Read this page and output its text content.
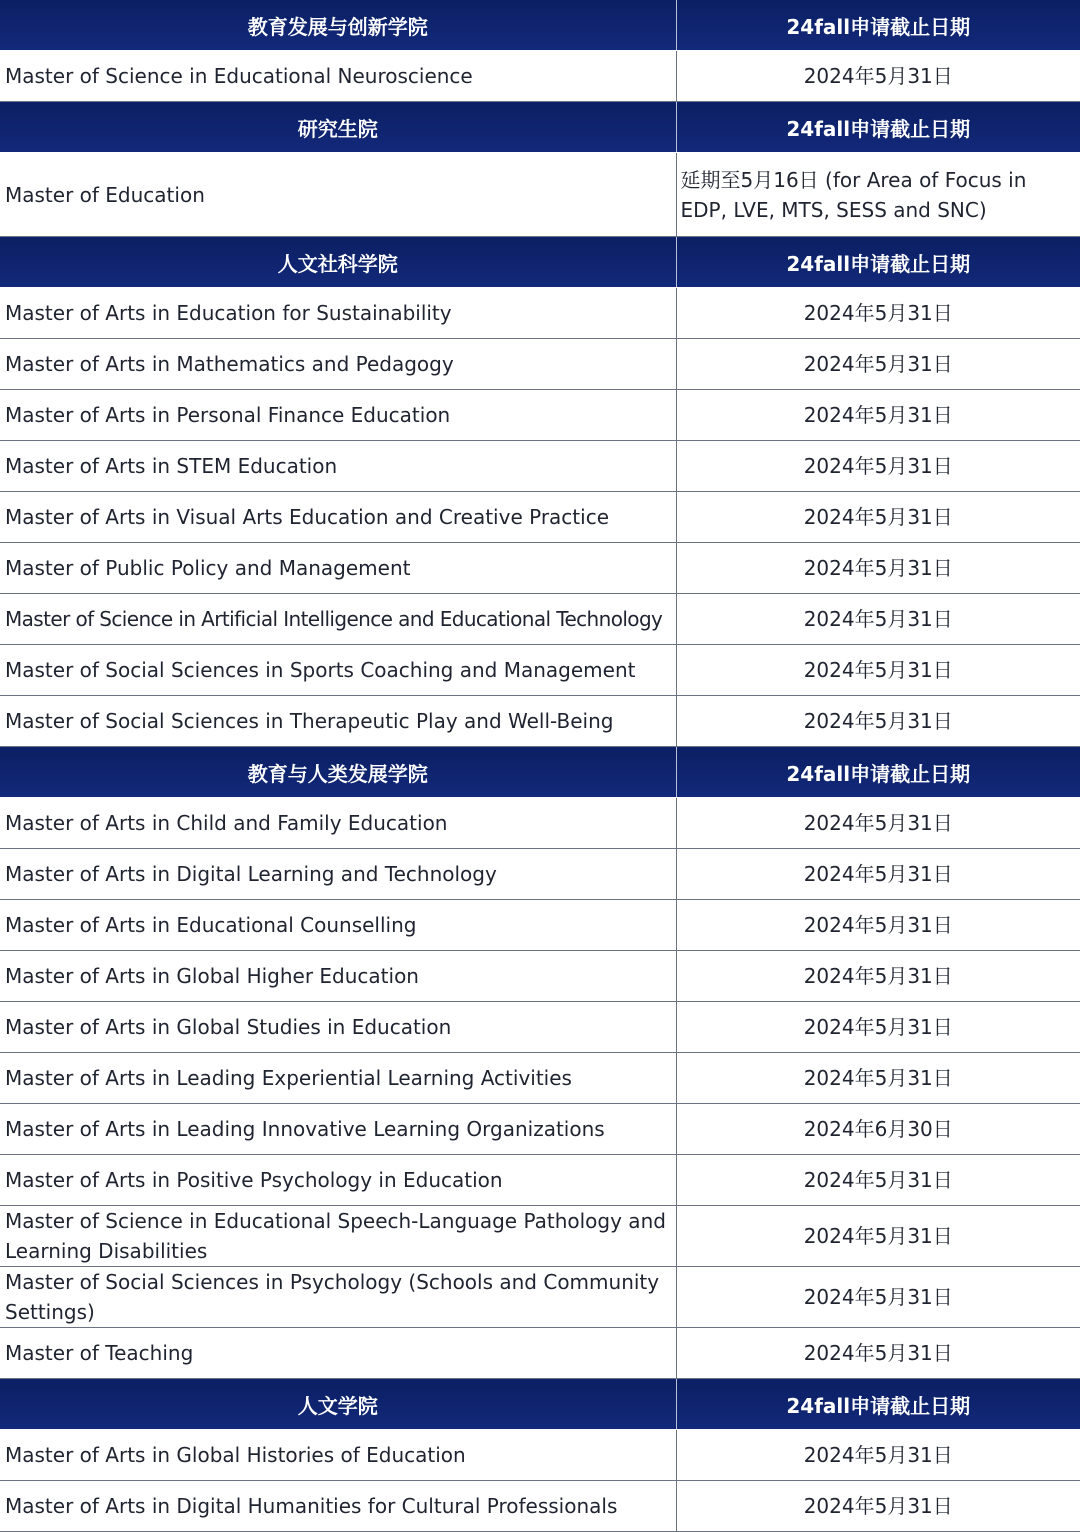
教育发展与创新学院	24fall申请截止日期
Master of Science in Educational Neuroscience	2024年5月31日
研究生院	24fall申请截止日期
Master of Education	延期至5月16日 (for Area of Focus in EDP, LVE, MTS, SESS and SNC)
人文社科学院	24fall申请截止日期
Master of Arts in Education for Sustainability	2024年5月31日
Master of Arts in Mathematics and Pedagogy	2024年5月31日
Master of Arts in Personal Finance Education	2024年5月31日
Master of Arts in STEM Education	2024年5月31日
Master of Arts in Visual Arts Education and Creative Practice	2024年5月31日
Master of Public Policy and Management	2024年5月31日
Master of Science in Artificial Intelligence and Educational Technology	2024年5月31日
Master of Social Sciences in Sports Coaching and Management	2024年5月31日
Master of Social Sciences in Therapeutic Play and Well-Being	2024年5月31日
教育与人类发展学院	24fall申请截止日期
Master of Arts in Child and Family Education	2024年5月31日
Master of Arts in Digital Learning and Technology	2024年5月31日
Master of Arts in Educational Counselling	2024年5月31日
Master of Arts in Global Higher Education	2024年5月31日
Master of Arts in Global Studies in Education	2024年5月31日
Master of Arts in Leading Experiential Learning Activities	2024年5月31日
Master of Arts in Leading Innovative Learning Organizations	2024年6月30日
Master of Arts in Positive Psychology in Education	2024年5月31日
Master of Science in Educational Speech-Language Pathology and Learning Disabilities	2024年5月31日
Master of Social Sciences in Psychology (Schools and Community Settings)	2024年5月31日
Master of Teaching	2024年5月31日
人文学院	24fall申请截止日期
Master of Arts in Global Histories of Education	2024年5月31日
Master of Arts in Digital Humanities for Cultural Professionals	2024年5月31日
